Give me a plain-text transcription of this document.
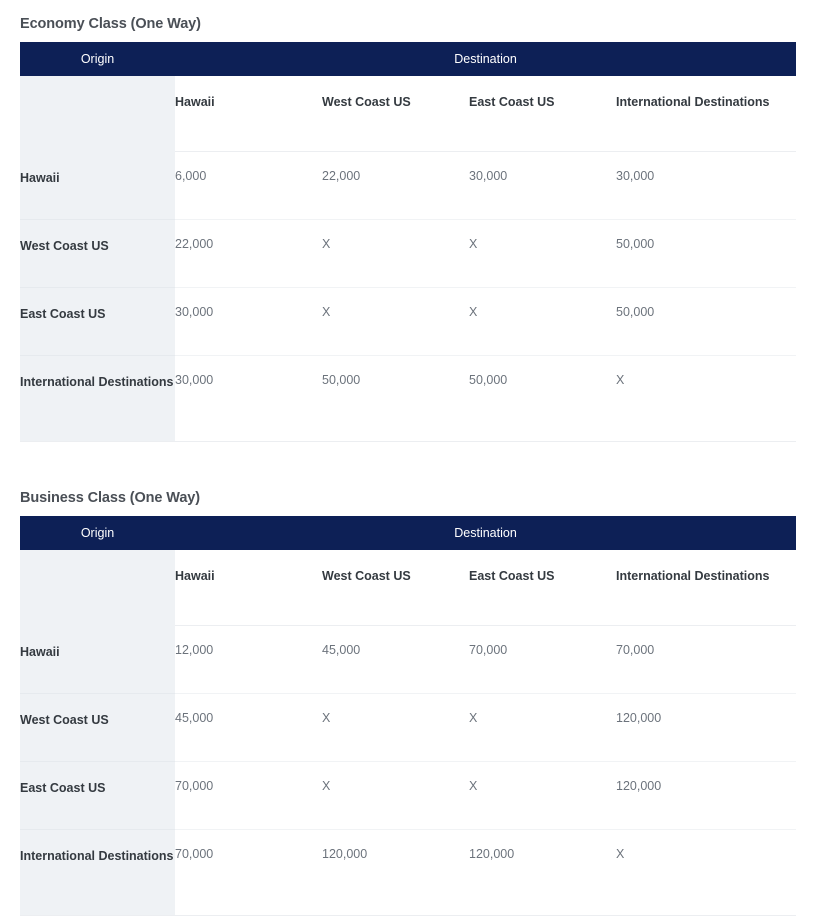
Economy Class (One Way)
Origin	Destination			
	Hawaii	West Coast US	East Coast US	International Destinations
Hawaii	6,000	22,000	30,000	30,000
West Coast US	22,000	X	X	50,000
East Coast US	30,000	X	X	50,000
International Destinations	30,000	50,000	50,000	X
Business Class (One Way)
Origin	Destination			
	Hawaii	West Coast US	East Coast US	International Destinations
Hawaii	12,000	45,000	70,000	70,000
West Coast US	45,000	X	X	120,000
East Coast US	70,000	X	X	120,000
International Destinations	70,000	120,000	120,000	X
